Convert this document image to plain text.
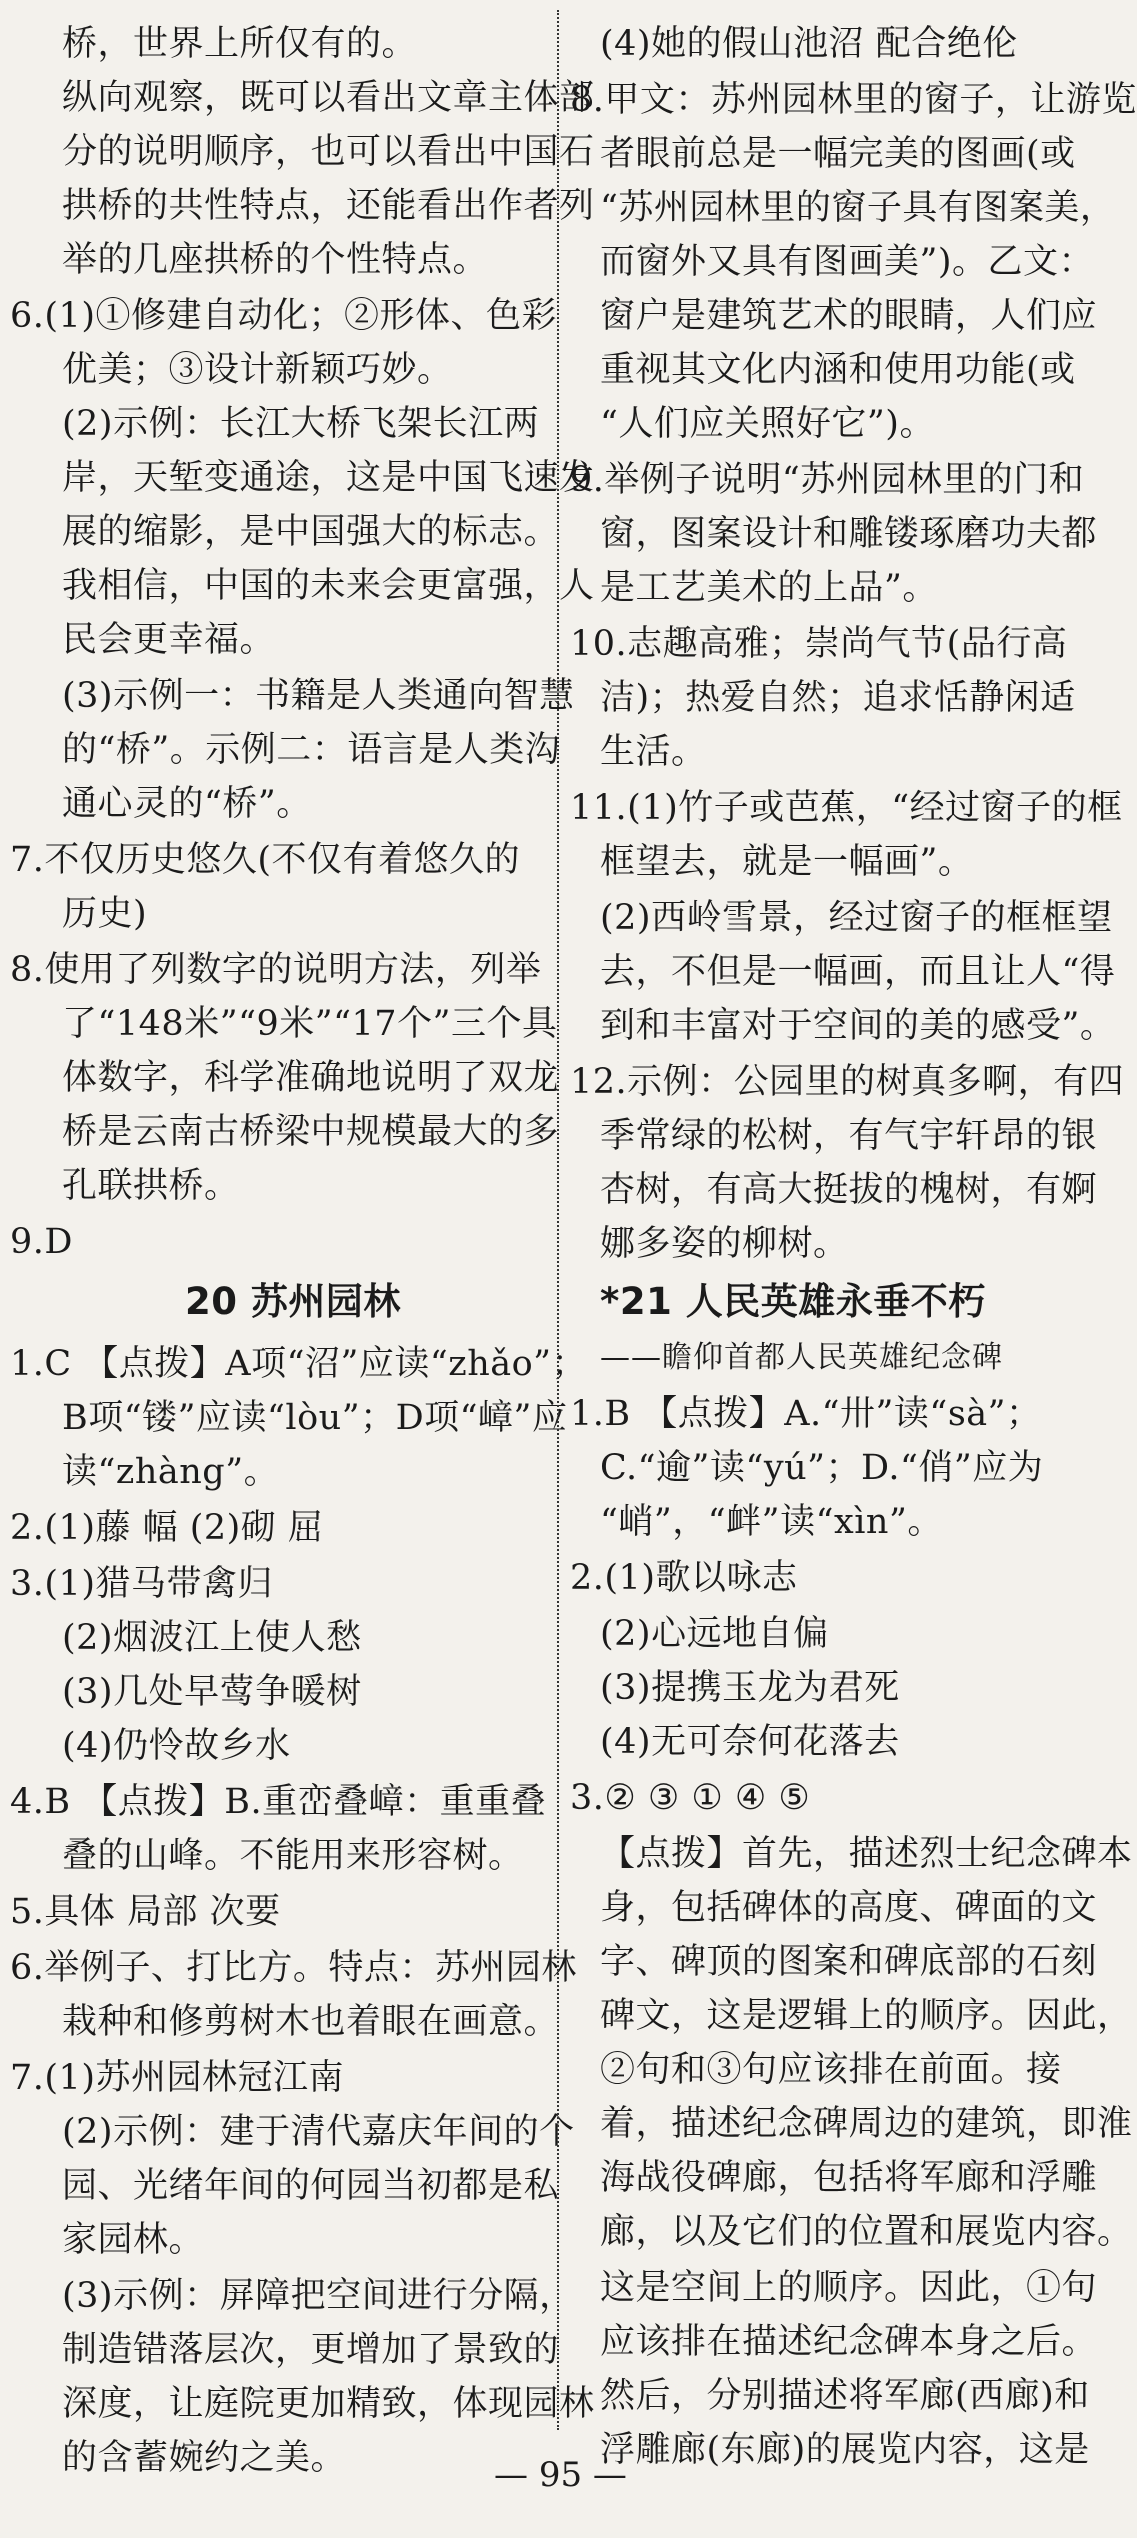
桥，世界上所仅有的。
纵向观察，既可以看出文章主体部
分的说明顺序，也可以看出中国石
拱桥的共性特点，还能看出作者列
举的几座拱桥的个性特点。
6.(1)①修建自动化；②形体、色彩
优美；③设计新颖巧妙。
(2)示例：长江大桥飞架长江两
岸，天堑变通途，这是中国飞速发
展的缩影，是中国强大的标志。
我相信，中国的未来会更富强，人
民会更幸福。
(3)示例一：书籍是人类通向智慧
的“桥”。示例二：语言是人类沟
通心灵的“桥”。
7.不仅历史悠久(不仅有着悠久的
历史)
8.使用了列数字的说明方法，列举
了“148米”“9米”“17个”三个具
体数字，科学准确地说明了双龙
桥是云南古桥梁中规模最大的多
孔联拱桥。
9.D
20 苏州园林
1.C 【点拨】A项“沼”应读“zhǎo”；
B项“镂”应读“lòu”；D项“嶂”应
读“zhàng”。
2.(1)藤 幅 (2)砌 屈
3.(1)猎马带禽归
(2)烟波江上使人愁
(3)几处早莺争暖树
(4)仍怜故乡水
4.B 【点拨】B.重峦叠嶂：重重叠
叠的山峰。不能用来形容树。
5.具体 局部 次要
6.举例子、打比方。特点：苏州园林
栽种和修剪树木也着眼在画意。
7.(1)苏州园林冠江南
(2)示例：建于清代嘉庆年间的个
园、光绪年间的何园当初都是私
家园林。
(3)示例：屏障把空间进行分隔，
制造错落层次，更增加了景致的
深度，让庭院更加精致，体现园林
的含蓄婉约之美。
(4)她的假山池沼 配合绝伦
8.甲文：苏州园林里的窗子，让游览
者眼前总是一幅完美的图画(或
“苏州园林里的窗子具有图案美，
而窗外又具有图画美”)。乙文：
窗户是建筑艺术的眼睛，人们应
重视其文化内涵和使用功能(或
“人们应关照好它”)。
9.举例子说明“苏州园林里的门和
窗，图案设计和雕镂琢磨功夫都
是工艺美术的上品”。
10.志趣高雅；崇尚气节(品行高
洁)；热爱自然；追求恬静闲适
生活。
11.(1)竹子或芭蕉，“经过窗子的框
框望去，就是一幅画”。
(2)西岭雪景，经过窗子的框框望
去，不但是一幅画，而且让人“得
到和丰富对于空间的美的感受”。
12.示例：公园里的树真多啊，有四
季常绿的松树，有气宇轩昂的银
杏树，有高大挺拔的槐树，有婀
娜多姿的柳树。
*21 人民英雄永垂不朽
——瞻仰首都人民英雄纪念碑
1.B 【点拨】A.“卅”读“sà”；
C.“逾”读“yú”；D.“俏”应为
“峭”，“衅”读“xìn”。
2.(1)歌以咏志
(2)心远地自偏
(3)提携玉龙为君死
(4)无可奈何花落去
3.② ③ ① ④ ⑤
【点拨】首先，描述烈士纪念碑本
身，包括碑体的高度、碑面的文
字、碑顶的图案和碑底部的石刻
碑文，这是逻辑上的顺序。因此，
②句和③句应该排在前面。接
着，描述纪念碑周边的建筑，即淮
海战役碑廊，包括将军廊和浮雕
廊，以及它们的位置和展览内容。
这是空间上的顺序。因此，①句
应该排在描述纪念碑本身之后。
然后，分别描述将军廊(西廊)和
浮雕廊(东廊)的展览内容，这是
— 95 —
